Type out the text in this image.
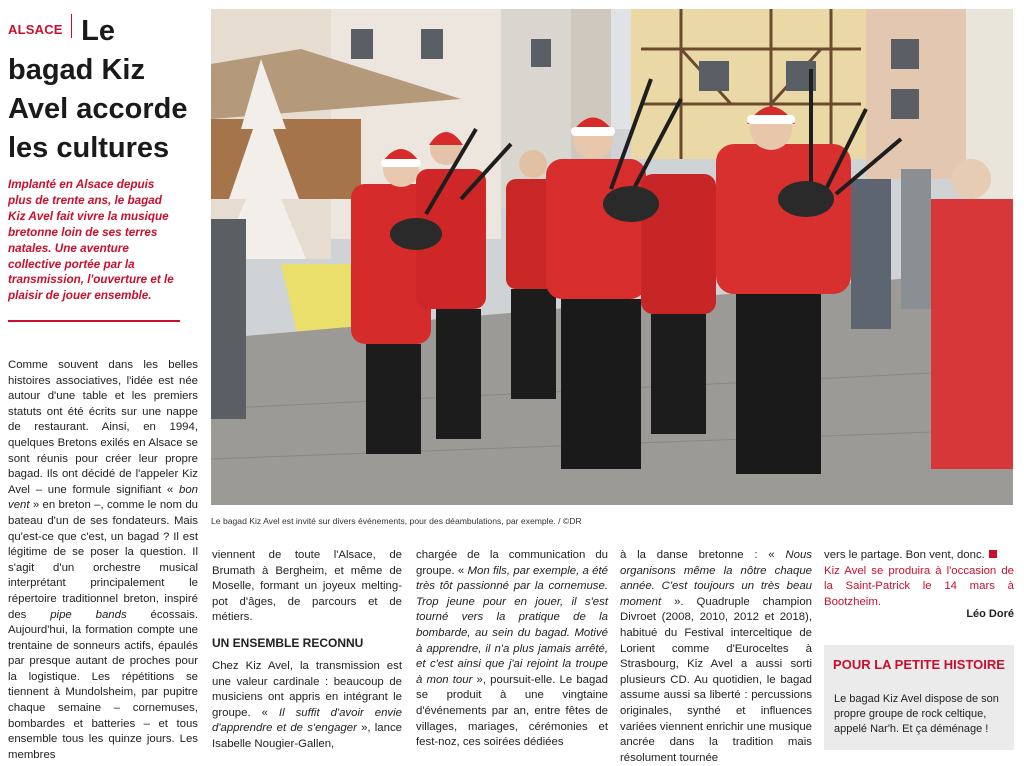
$^{ALSACE}$ Le
bagad Kiz
Avel accorde
les cultures

Implanté en Alsace depuis plus de trente ans, le bagad Kiz Avel fait vivre la musique bretonne loin de ses terres natales. Une aventure collective portée par la transmission, l'ouverture et le plaisir de jouer ensemble.

Le bagad Kiz Avel est invité sur divers événements, pour des déambulations, par exemple. / ©DR

Comme souvent dans les belles histoires associatives, l'idée est née autour d'une table et les premiers statuts ont été écrits sur une nappe de restaurant. Ainsi, en 1994, quelques Bretons exilés en Alsace se sont réunis pour créer leur propre bagad. Ils ont décidé de l'appeler Kiz Avel – une formule signifiant « bon vent » en breton –, comme le nom du bateau d'un de ses fondateurs. Mais qu'est-ce que c'est, un bagad ? Il est légitime de se poser la question. Il s'agit d'un orchestre musical interprétant principalement le répertoire traditionnel breton, inspiré des pipe bands écossais. Aujourd'hui, la formation compte une trentaine de sonneurs actifs, épaulés par presque autant de proches pour la logistique. Les répétitions se tiennent à Mundolsheim, par pupitre chaque semaine – cornemuses, bombardes et batteries – et tous ensemble tous les quinze jours. Les membres

viennent de toute l'Alsace, de Brumath à Bergheim, et même de Moselle, formant un joyeux melting-pot d'âges, de parcours et de métiers.

UN ENSEMBLE RECONNU

Chez Kiz Avel, la transmission est une valeur cardinale : beaucoup de musiciens ont appris en intégrant le groupe. « Il suffit d'avoir envie d'apprendre et de s'engager », lance Isabelle Nougier-Gallen,

chargée de la communication du groupe. « Mon fils, par exemple, a été très tôt passionné par la cornemuse. Trop jeune pour en jouer, il s'est tourné vers la pratique de la bombarde, au sein du bagad. Motivé à apprendre, il n'a plus jamais arrêté, et c'est ainsi que j'ai rejoint la troupe à mon tour », poursuit-elle. Le bagad se produit à une vingtaine d'événements par an, entre fêtes de villages, mariages, cérémonies et fest-noz, ces soirées dédiées

à la danse bretonne : « Nous organisons même la nôtre chaque année. C'est toujours un très beau moment ». Quadruple champion Divroet (2008, 2010, 2012 et 2018), habitué du Festival interceltique de Lorient comme d'Euroceltes à Strasbourg, Kiz Avel a aussi sorti plusieurs CD. Au quotidien, le bagad assume aussi sa liberté : percussions originales, synthé et influences variées viennent enrichir une musique ancrée dans la tradition mais résolument tournée

vers le partage. Bon vent, donc.
Kiz Avel se produira à l'occasion de la Saint-Patrick le 14 mars à Bootzheim.

Léo Doré
POUR LA PETITE HISTOIRE

Le bagad Kiz Avel dispose de son propre groupe de rock celtique, appelé Nar'h. Et ça déménage !
